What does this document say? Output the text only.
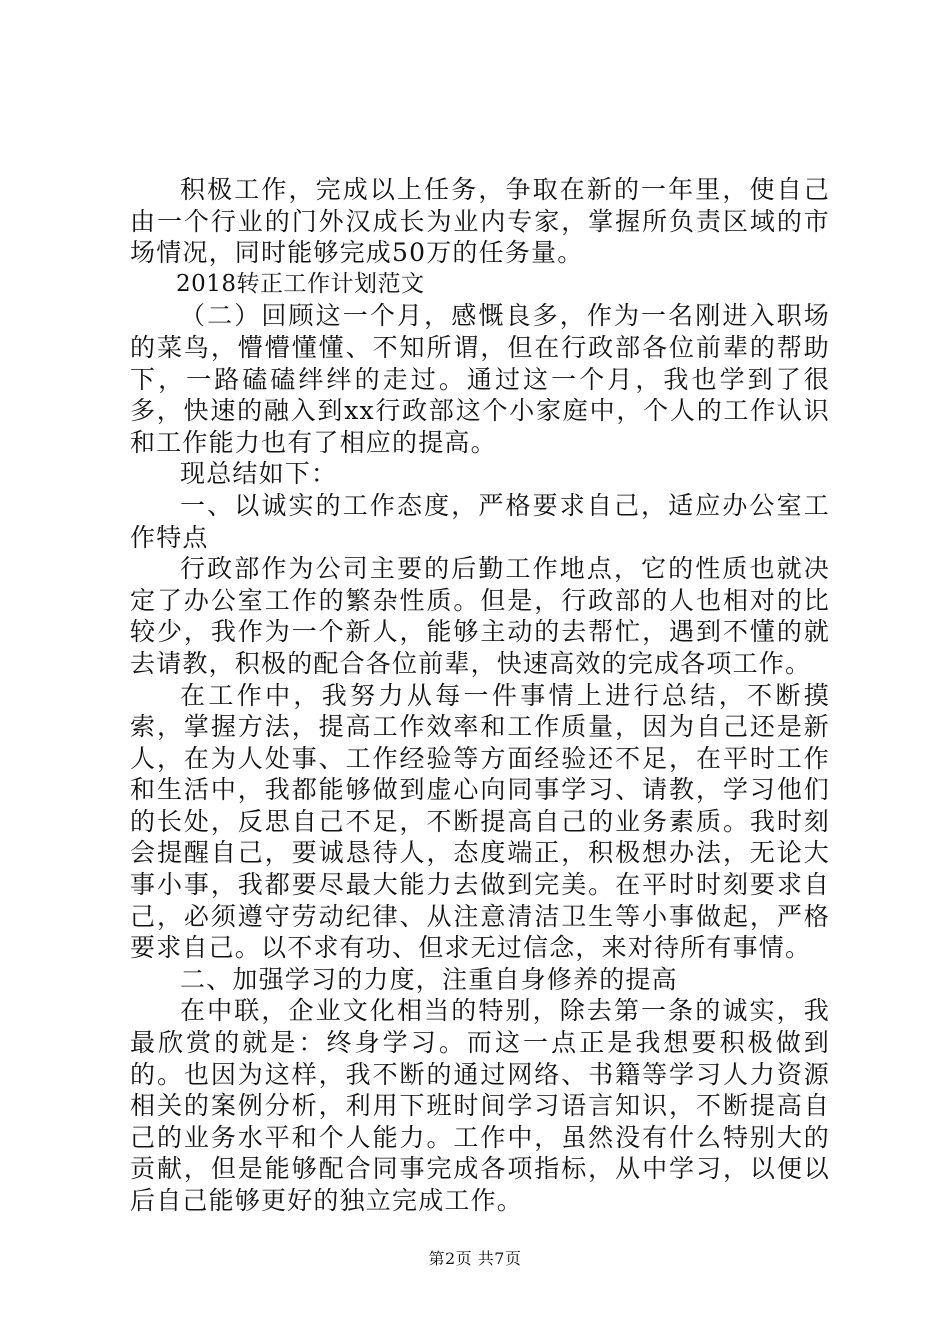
积极工作，完成以上任务，争取在新的一年里，使自己由一个行业的门外汉成长为业内专家，掌握所负责区域的市场情况，同时能够完成50万的任务量。

2018转正工作计划范文

（二）回顾这一个月，感慨良多，作为一名刚进入职场的菜鸟，懵懵懂懂、不知所谓，但在行政部各位前辈的帮助下，一路磕磕绊绊的走过。通过这一个月，我也学到了很多，快速的融入到xx行政部这个小家庭中，个人的工作认识和工作能力也有了相应的提高。

现总结如下：

一、以诚实的工作态度，严格要求自己，适应办公室工作特点

行政部作为公司主要的后勤工作地点，它的性质也就决定了办公室工作的繁杂性质。但是，行政部的人也相对的比较少，我作为一个新人，能够主动的去帮忙，遇到不懂的就去请教，积极的配合各位前辈，快速高效的完成各项工作。

在工作中，我努力从每一件事情上进行总结，不断摸索，掌握方法，提高工作效率和工作质量，因为自己还是新人，在为人处事、工作经验等方面经验还不足，在平时工作和生活中，我都能够做到虚心向同事学习、请教，学习他们的长处，反思自己不足，不断提高自己的业务素质。我时刻会提醒自己，要诚恳待人，态度端正，积极想办法，无论大事小事，我都要尽最大能力去做到完美。在平时时刻要求自己，必须遵守劳动纪律、从注意清洁卫生等小事做起，严格要求自己。以不求有功、但求无过信念，来对待所有事情。

二、加强学习的力度，注重自身修养的提高

在中联，企业文化相当的特别，除去第一条的诚实，我最欣赏的就是：终身学习。而这一点正是我想要积极做到的。也因为这样，我不断的通过网络、书籍等学习人力资源相关的案例分析，利用下班时间学习语言知识，不断提高自己的业务水平和个人能力。工作中，虽然没有什么特别大的贡献，但是能够配合同事完成各项指标，从中学习，以便以后自己能够更好的独立完成工作。

第2页 共7页
